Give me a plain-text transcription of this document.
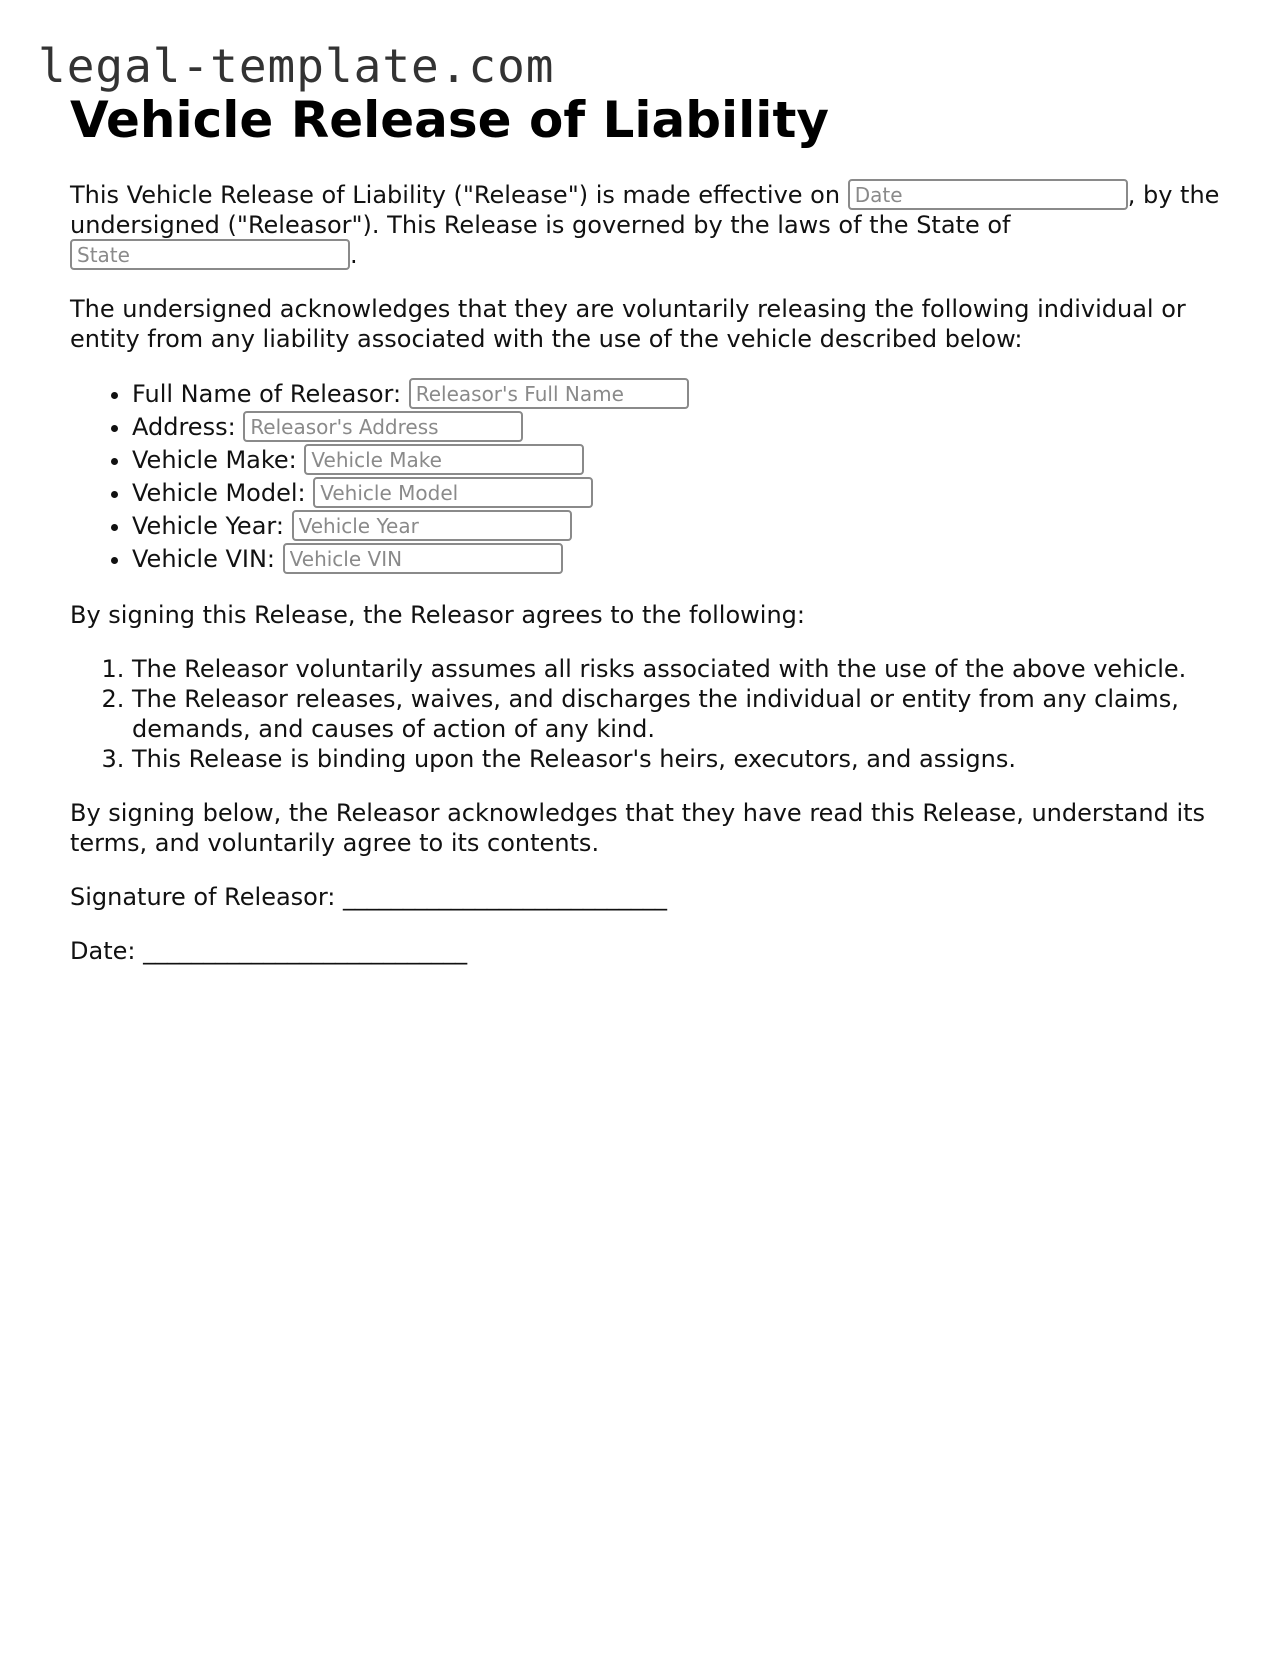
legal-template.com
Vehicle Release of Liability

This Vehicle Release of Liability ("Release") is made effective on Date	, by the undersigned ("Releasor"). This Release is governed by the laws of the State of State.

The undersigned acknowledges that they are voluntarily releasing the following individual or entity from any liability associated with the use of the vehicle described below:

• Full Name of Releasor: Releasor's Full Name
• Address: Releasor's Address
• Vehicle Make: Vehicle Make
• Vehicle Model: Vehicle Model
• Vehicle Year: Vehicle Year
• Vehicle VIN: Vehicle VIN

By signing this Release, the Releasor agrees to the following:

1. The Releasor voluntarily assumes all risks associated with the use of the above vehicle.
2. The Releasor releases, waives, and discharges the individual or entity from any claims, demands, and causes of action of any kind.
3. This Release is binding upon the Releasor's heirs, executors, and assigns.

By signing below, the Releasor acknowledges that they have read this Release, understand its terms, and voluntarily agree to its contents.

Signature of Releasor: ___________________________
Date: ___________________________
